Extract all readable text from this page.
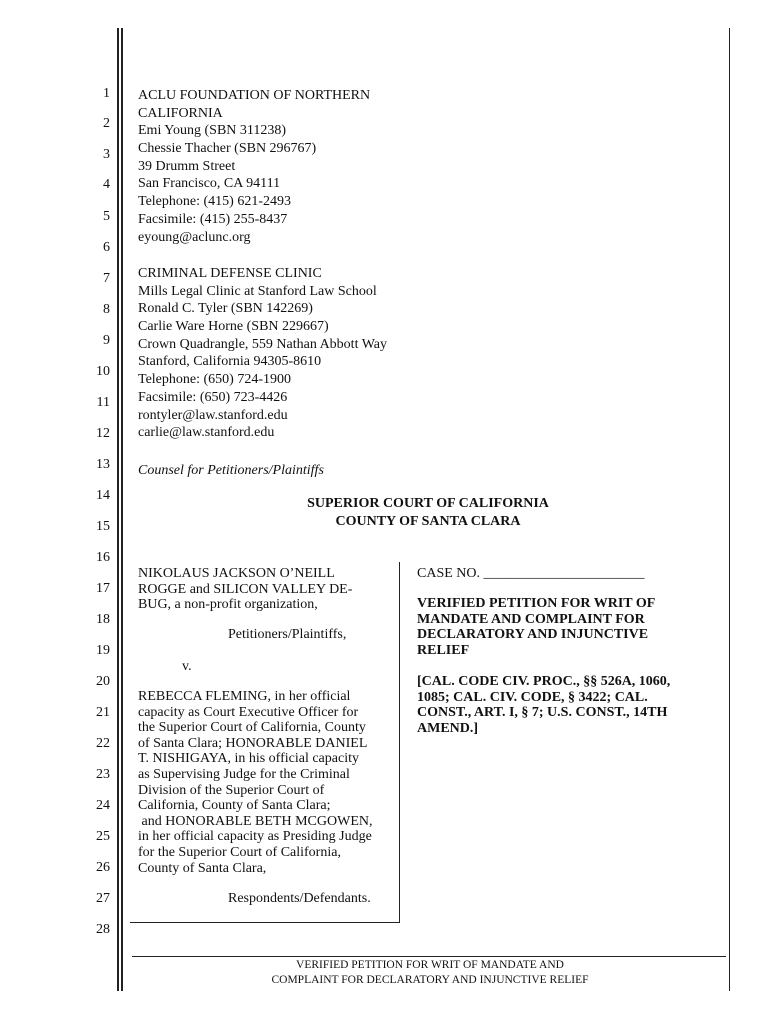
1
2
3
4
5
6
7
8
9
10
11
12
13
14
15
16
17
18
19
20
21
22
23
24
25
26
27
28
ACLU FOUNDATION OF NORTHERN
CALIFORNIA
Emi Young (SBN 311238)
Chessie Thacher (SBN 296767)
39 Drumm Street
San Francisco, CA 94111
Telephone: (415) 621-2493
Facsimile: (415) 255-8437
eyoung@aclunc.org
CRIMINAL DEFENSE CLINIC
Mills Legal Clinic at Stanford Law School
Ronald C. Tyler (SBN 142269)
Carlie Ware Horne (SBN 229667)
Crown Quadrangle, 559 Nathan Abbott Way
Stanford, California 94305-8610
Telephone: (650) 724-1900
Facsimile: (650) 723-4426
rontyler@law.stanford.edu
carlie@law.stanford.edu
Counsel for Petitioners/Plaintiffs
SUPERIOR COURT OF CALIFORNIA
COUNTY OF SANTA CLARA
NIKOLAUS JACKSON O’NEILL
ROGGE and SILICON VALLEY DE-
BUG, a non-profit organization,
Petitioners/Plaintiffs,
v.
REBECCA FLEMING, in her official
capacity as Court Executive Officer for
the Superior Court of California, County
of Santa Clara; HONORABLE DANIEL
T. NISHIGAYA, in his official capacity
as Supervising Judge for the Criminal
Division of the Superior Court of
California, County of Santa Clara;
and HONORABLE BETH MCGOWEN,
in her official capacity as Presiding Judge
for the Superior Court of California,
County of Santa Clara,
Respondents/Defendants.
CASE NO. _______________________
VERIFIED PETITION FOR WRIT OF
MANDATE AND COMPLAINT FOR
DECLARATORY AND INJUNCTIVE
RELIEF
[CAL. CODE CIV. PROC., §§ 526A, 1060,
1085; CAL. CIV. CODE, § 3422; CAL.
CONST., ART. I, § 7; U.S. CONST., 14TH
AMEND.]
VERIFIED PETITION FOR WRIT OF MANDATE AND
COMPLAINT FOR DECLARATORY AND INJUNCTIVE RELIEF
